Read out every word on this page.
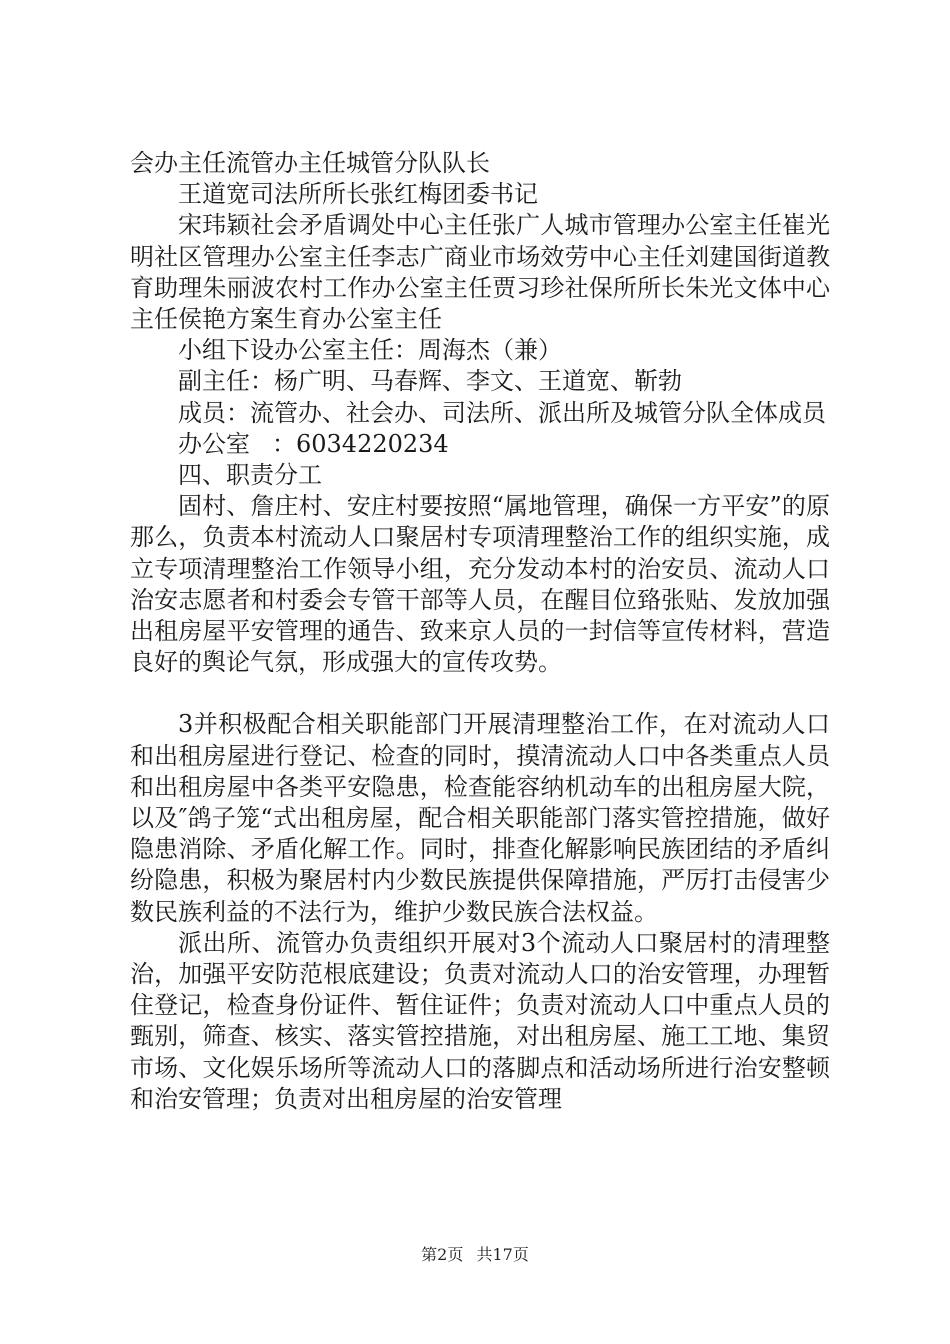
会办主任流管办主任城管分队队长

王道宽司法所所长张红梅团委书记

宋玮颖社会矛盾调处中心主任张广人城市管理办公室主任崔光明社区管理办公室主任李志广商业市场效劳中心主任刘建国街道教育助理朱丽波农村工作办公室主任贾习珍社保所所长朱光文体中心主任侯艳方案生育办公室主任

小组下设办公室主任：周海杰（兼）

副主任：杨广明、马春辉、李文、王道宽、靳勃

成员：流管办、社会办、司法所、派出所及城管分队全体成员

办公室 ：6034220234

四、职责分工

固村、詹庄村、安庄村要按照“属地管理，确保一方平安”的原那么，负责本村流动人口聚居村专项清理整治工作的组织实施，成立专项清理整治工作领导小组，充分发动本村的治安员、流动人口治安志愿者和村委会专管干部等人员，在醒目位臵张贴、发放加强出租房屋平安管理的通告、致来京人员的一封信等宣传材料，营造良好的舆论气氛，形成强大的宣传攻势。

3并积极配合相关职能部门开展清理整治工作，在对流动人口和出租房屋进行登记、检查的同时，摸清流动人口中各类重点人员和出租房屋中各类平安隐患，检查能容纳机动车的出租房屋大院，以及″鸽子笼“式出租房屋，配合相关职能部门落实管控措施，做好隐患消除、矛盾化解工作。同时，排查化解影响民族团结的矛盾纠纷隐患，积极为聚居村内少数民族提供保障措施，严厉打击侵害少数民族利益的不法行为，维护少数民族合法权益。

派出所、流管办负责组织开展对3个流动人口聚居村的清理整治，加强平安防范根底建设；负责对流动人口的治安管理，办理暂住登记，检查身份证件、暂住证件；负责对流动人口中重点人员的甄别，筛查、核实、落实管控措施，对出租房屋、施工工地、集贸市场、文化娱乐场所等流动人口的落脚点和活动场所进行治安整顿和治安管理；负责对出租房屋的治安管理

第2页 共17页
